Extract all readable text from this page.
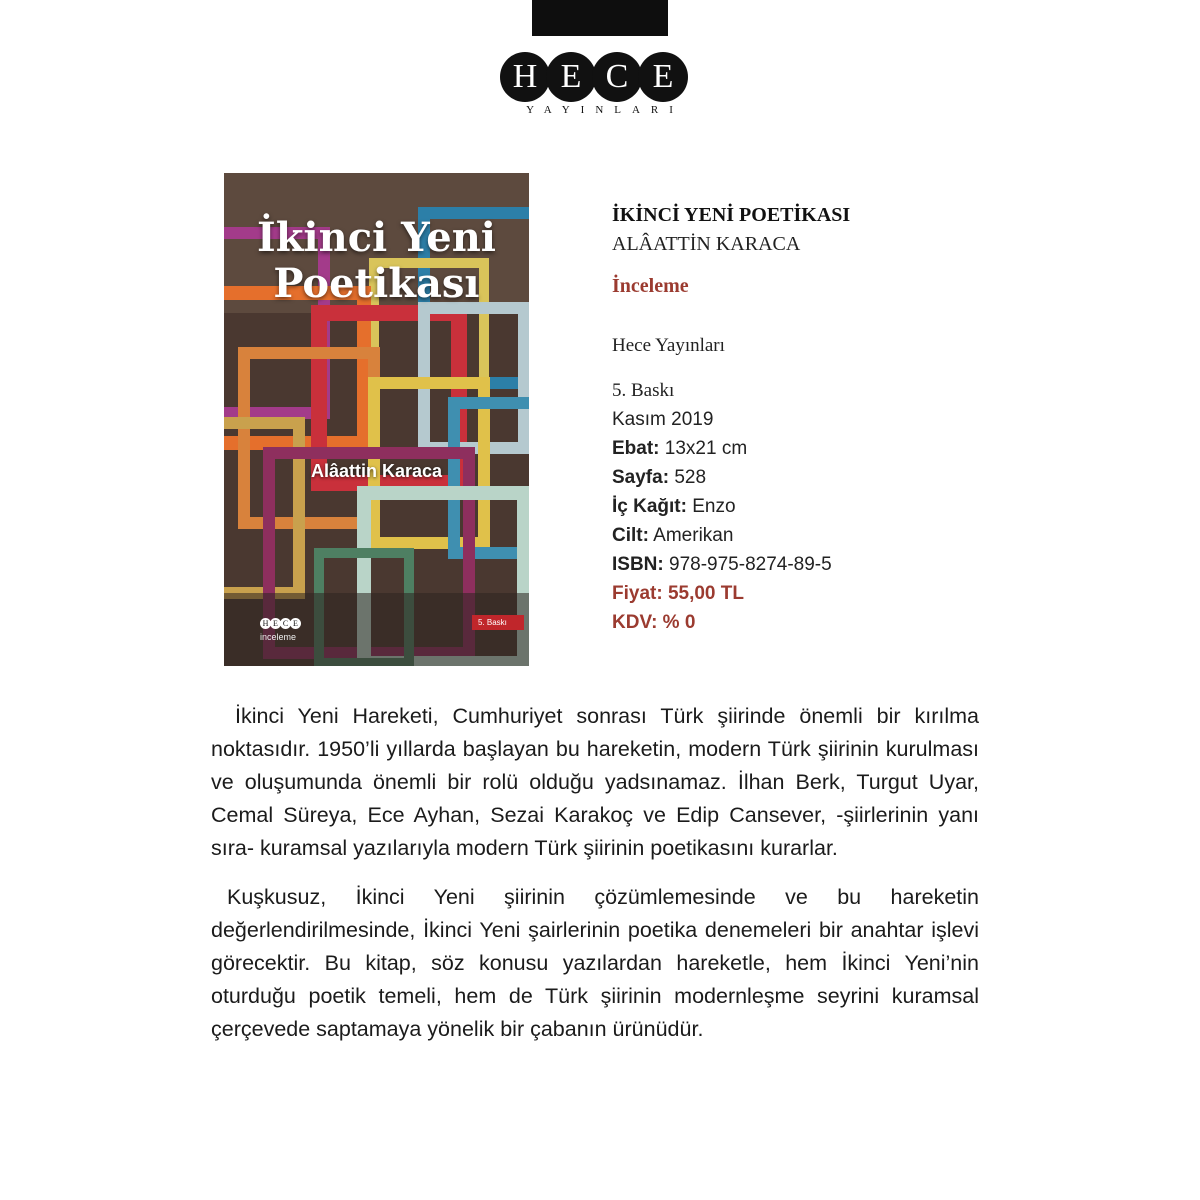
H E C E
YAYINLARI
İkinci Yeni
Poetikası
Alâattin Karaca
H E C E
inceleme
5. Baskı
İKİNCİ YENİ POETİKASI
ALÂATTİN KARACA
İnceleme
Hece Yayınları
5. Baskı
Kasım 2019
Ebat: 13x21 cm
Sayfa: 528
İç Kağıt: Enzo
Cilt: Amerikan
ISBN: 978-975-8274-89-5
Fiyat: 55,00 TL
KDV: % 0

İkinci Yeni Hareketi, Cumhuriyet sonrası Türk şiirinde önemli bir kırılma noktasıdır. 1950’li yıllarda başlayan bu hareketin, modern Türk şiirinin kurulması ve oluşumunda önemli bir rolü olduğu yadsınamaz. İlhan Berk, Turgut Uyar, Cemal Süreya, Ece Ayhan, Sezai Karakoç ve Edip Cansever, -şiirlerinin yanı sıra- kuramsal yazılarıyla modern Türk şiirinin poetikasını kurarlar.

Kuşkusuz, İkinci Yeni şiirinin çözümlemesinde ve bu hareketin değerlendirilmesinde, İkinci Yeni şairlerinin poetika denemeleri bir anahtar işlevi görecektir. Bu kitap, söz konusu yazılardan hareketle, hem İkinci Yeni’nin oturduğu poetik temeli, hem de Türk şiirinin modernleşme seyrini kuramsal çerçevede saptamaya yönelik bir çabanın ürünüdür.
